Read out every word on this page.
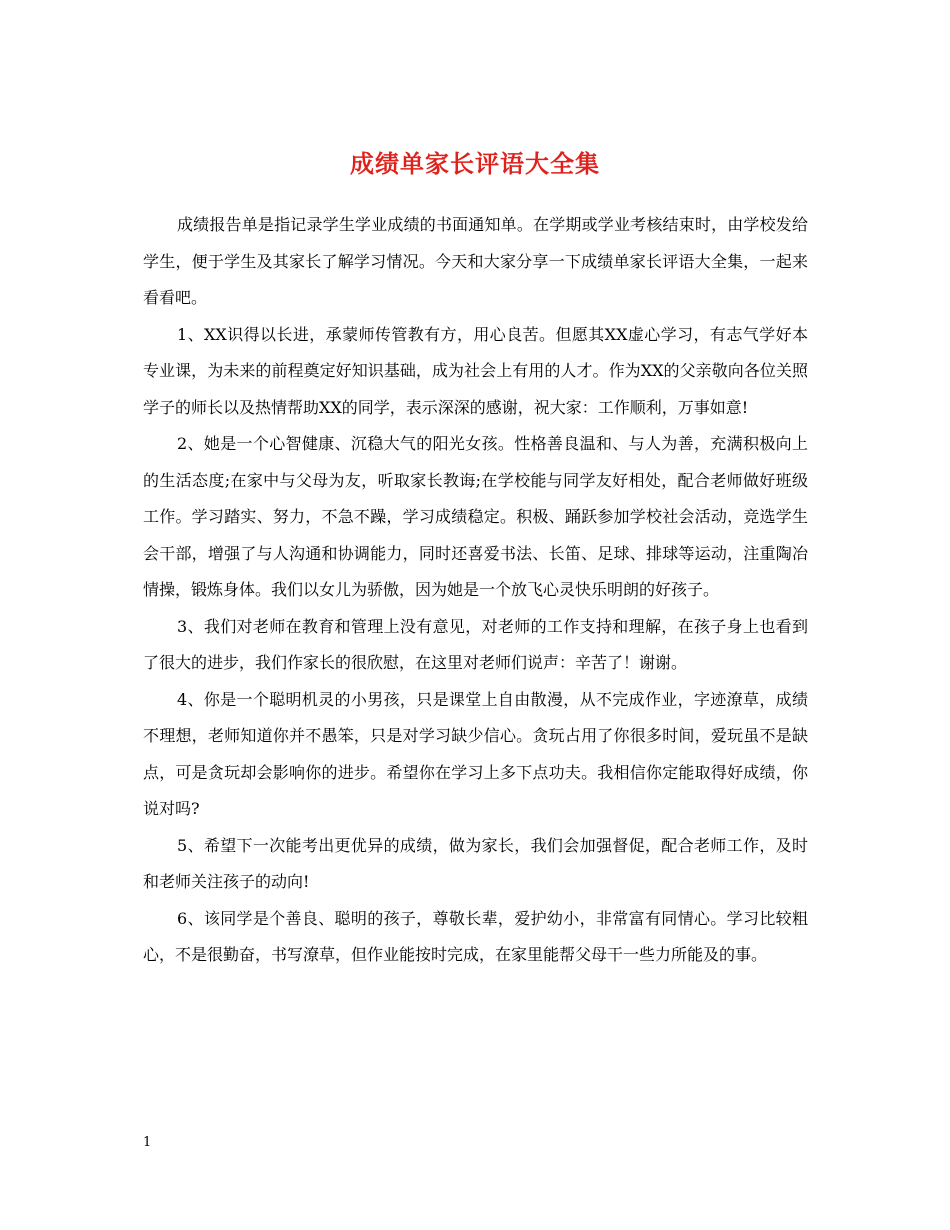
成绩单家长评语大全集

成绩报告单是指记录学生学业成绩的书面通知单。在学期或学业考核结束时，由学校发给学生，便于学生及其家长了解学习情况。今天和大家分享一下成绩单家长评语大全集，一起来看看吧。

1、XX识得以长进，承蒙师传管教有方，用心良苦。但愿其XX虚心学习，有志气学好本专业课，为未来的前程奠定好知识基础，成为社会上有用的人才。作为XX的父亲敬向各位关照学子的师长以及热情帮助XX的同学，表示深深的感谢，祝大家：工作顺利，万事如意!

2、她是一个心智健康、沉稳大气的阳光女孩。性格善良温和、与人为善，充满积极向上的生活态度;在家中与父母为友，听取家长教诲;在学校能与同学友好相处，配合老师做好班级工作。学习踏实、努力，不急不躁，学习成绩稳定。积极、踊跃参加学校社会活动，竞选学生会干部，增强了与人沟通和协调能力，同时还喜爱书法、长笛、足球、排球等运动，注重陶冶情操，锻炼身体。我们以女儿为骄傲，因为她是一个放飞心灵快乐明朗的好孩子。

3、我们对老师在教育和管理上没有意见，对老师的工作支持和理解，在孩子身上也看到了很大的进步，我们作家长的很欣慰，在这里对老师们说声：辛苦了！谢谢。

4、你是一个聪明机灵的小男孩，只是课堂上自由散漫，从不完成作业，字迹潦草，成绩不理想，老师知道你并不愚笨，只是对学习缺少信心。贪玩占用了你很多时间，爱玩虽不是缺点，可是贪玩却会影响你的进步。希望你在学习上多下点功夫。我相信你定能取得好成绩，你说对吗?

5、希望下一次能考出更优异的成绩，做为家长，我们会加强督促，配合老师工作，及时和老师关注孩子的动向!

6、该同学是个善良、聪明的孩子，尊敬长辈，爱护幼小，非常富有同情心。学习比较粗心，不是很勤奋，书写潦草，但作业能按时完成，在家里能帮父母干一些力所能及的事。

1
